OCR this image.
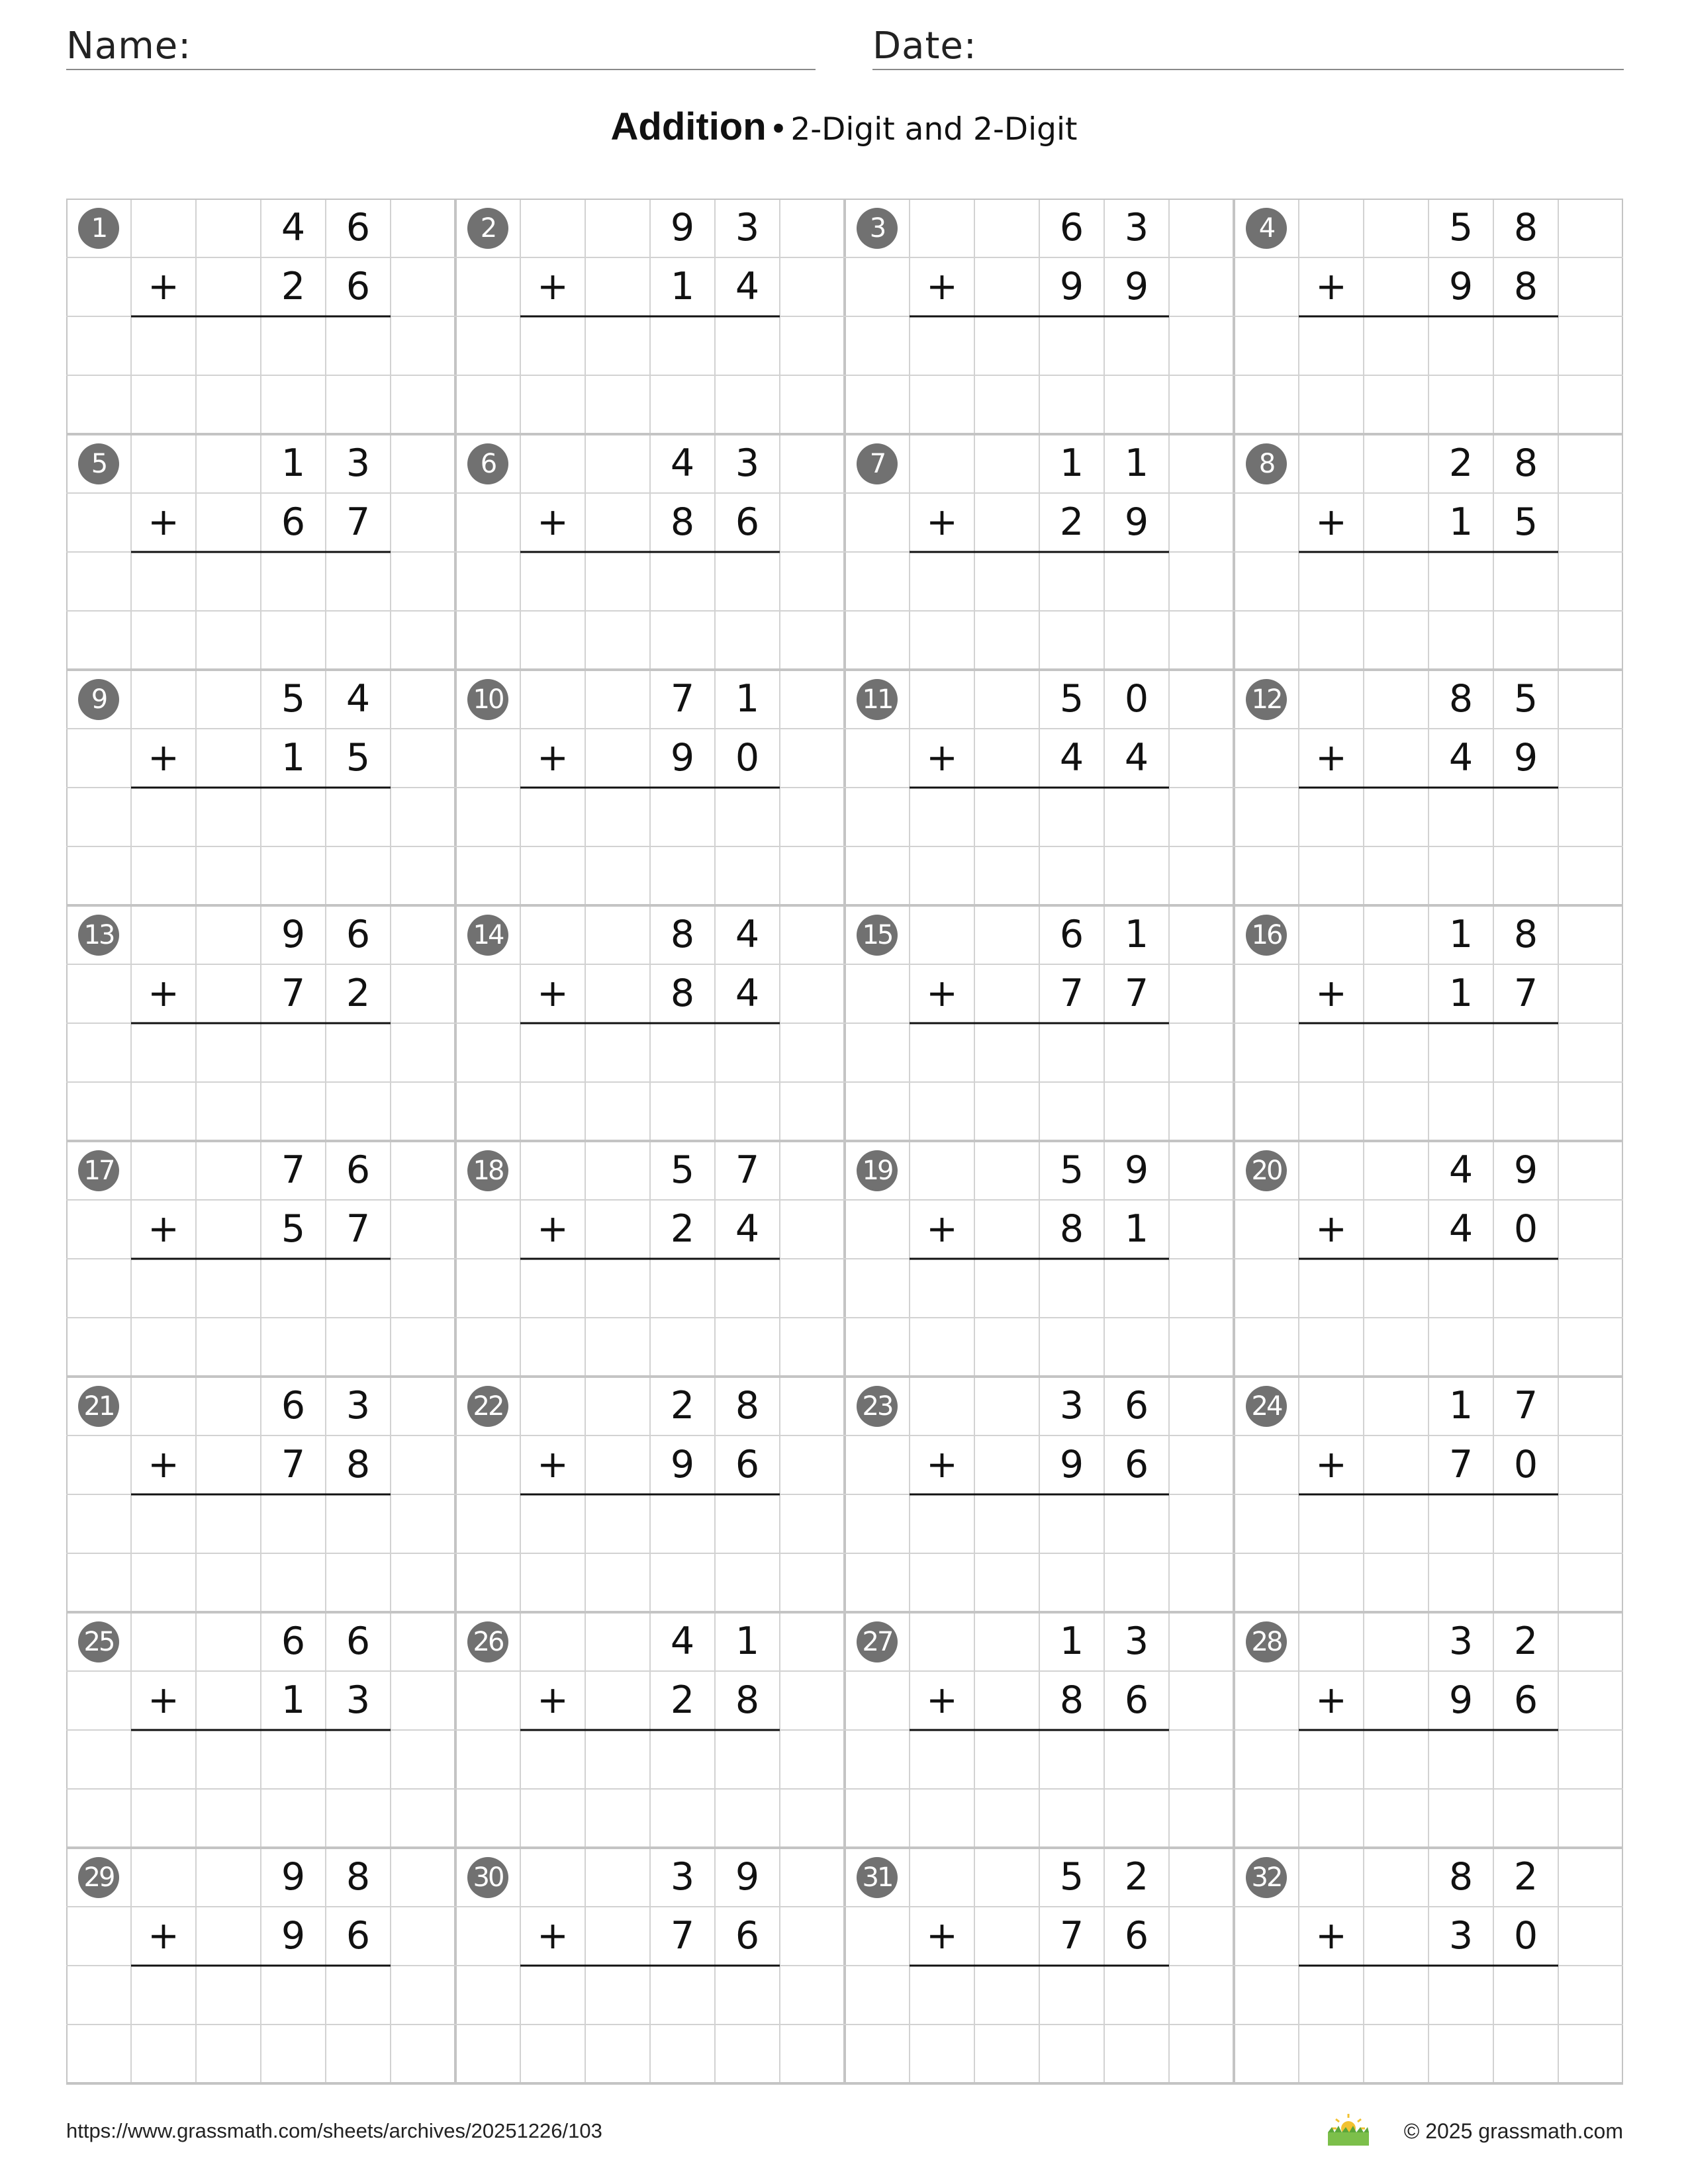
Name:	Date:
Addition • 2-Digit and 2-Digit
1	4	6
+	2	6
2	9	3
+	1	4
3	6	3
+	9	9
4	5	8
+	9	8
5	1	3
+	6	7
6	4	3
+	8	6
7	1	1
+	2	9
8	2	8
+	1	5
9	5	4
+	1	5
10	7	1
+	9	0
11	5	0
+	4	4
12	8	5
+	4	9
13	9	6
+	7	2
14	8	4
+	8	4
15	6	1
+	7	7
16	1	8
+	1	7
17	7	6
+	5	7
18	5	7
+	2	4
19	5	9
+	8	1
20	4	9
+	4	0
21	6	3
+	7	8
22	2	8
+	9	6
23	3	6
+	9	6
24	1	7
+	7	0
25	6	6
+	1	3
26	4	1
+	2	8
27	1	3
+	8	6
28	3	2
+	9	6
29	9	8
+	9	6
30	3	9
+	7	6
31	5	2
+	7	6
32	8	2
+	3	0
https://www.grassmath.com/sheets/archives/20251226/103	© 2025 grassmath.com
